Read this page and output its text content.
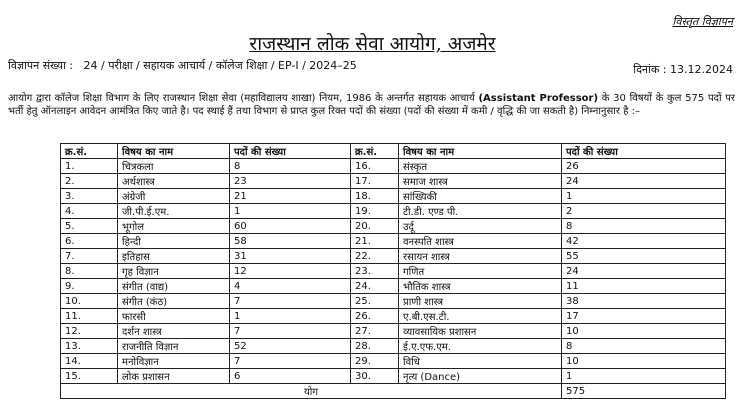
विस्तृत विज्ञापन
राजस्थान लोक सेवा आयोग, अजमेर
विज्ञापन संख्या : 24 / परीक्षा / सहायक आचार्य / कॉलेज शिक्षा / EP-I / 2024–25	दिनांक : 13.12.2024
आयोग द्वारा कॉलेज शिक्षा विभाग के लिए राजस्थान शिक्षा सेवा (महाविद्यालय शाखा) नियम, 1986 के अन्तर्गत सहायक आचार्य (Assistant Professor) के 30 विषयों के कुल 575 पदों पर भर्ती हेतु ऑनलाइन आवेदन आमंत्रित किए जाते है। पद स्थाई हैं तथा विभाग से प्राप्त कुल रिक्त पदों की संख्या (पदों की संख्या में कमी / वृद्धि की जा सकती है) निम्नानुसार है :–
क्र.सं.	विषय का नाम	पदों की संख्या	क्र.सं.	विषय का नाम	पदों की संख्या
1.	चित्रकला	8	16.	संस्कृत	26
2.	अर्थशास्त्र	23	17.	समाज शास्त्र	24
3.	अंग्रेजी	21	18.	सांख्यिकी	1
4.	जी.पी.ई.एम.	1	19.	टी.डी. एण्ड पी.	2
5.	भूगोल	60	20.	उर्दू	8
6.	हिन्दी	58	21.	वनस्पति शास्त्र	42
7.	इतिहास	31	22.	रसायन शास्त्र	55
8.	गृह विज्ञान	12	23.	गणित	24
9.	संगीत (वाद्य)	4	24.	भौतिक शास्त्र	11
10.	संगीत (कंठ)	7	25.	प्राणी शास्त्र	38
11.	फारसी	1	26.	ए.बी.एस.टी.	17
12.	दर्शन शास्त्र	7	27.	व्यावसायिक प्रशासन	10
13.	राजनीति विज्ञान	52	28.	ई.ए.एफ.एम.	8
14.	मनोविज्ञान	7	29.	विधि	10
15.	लोक प्रशासन	6	30.	नृत्य (Dance)	1
योग					575
